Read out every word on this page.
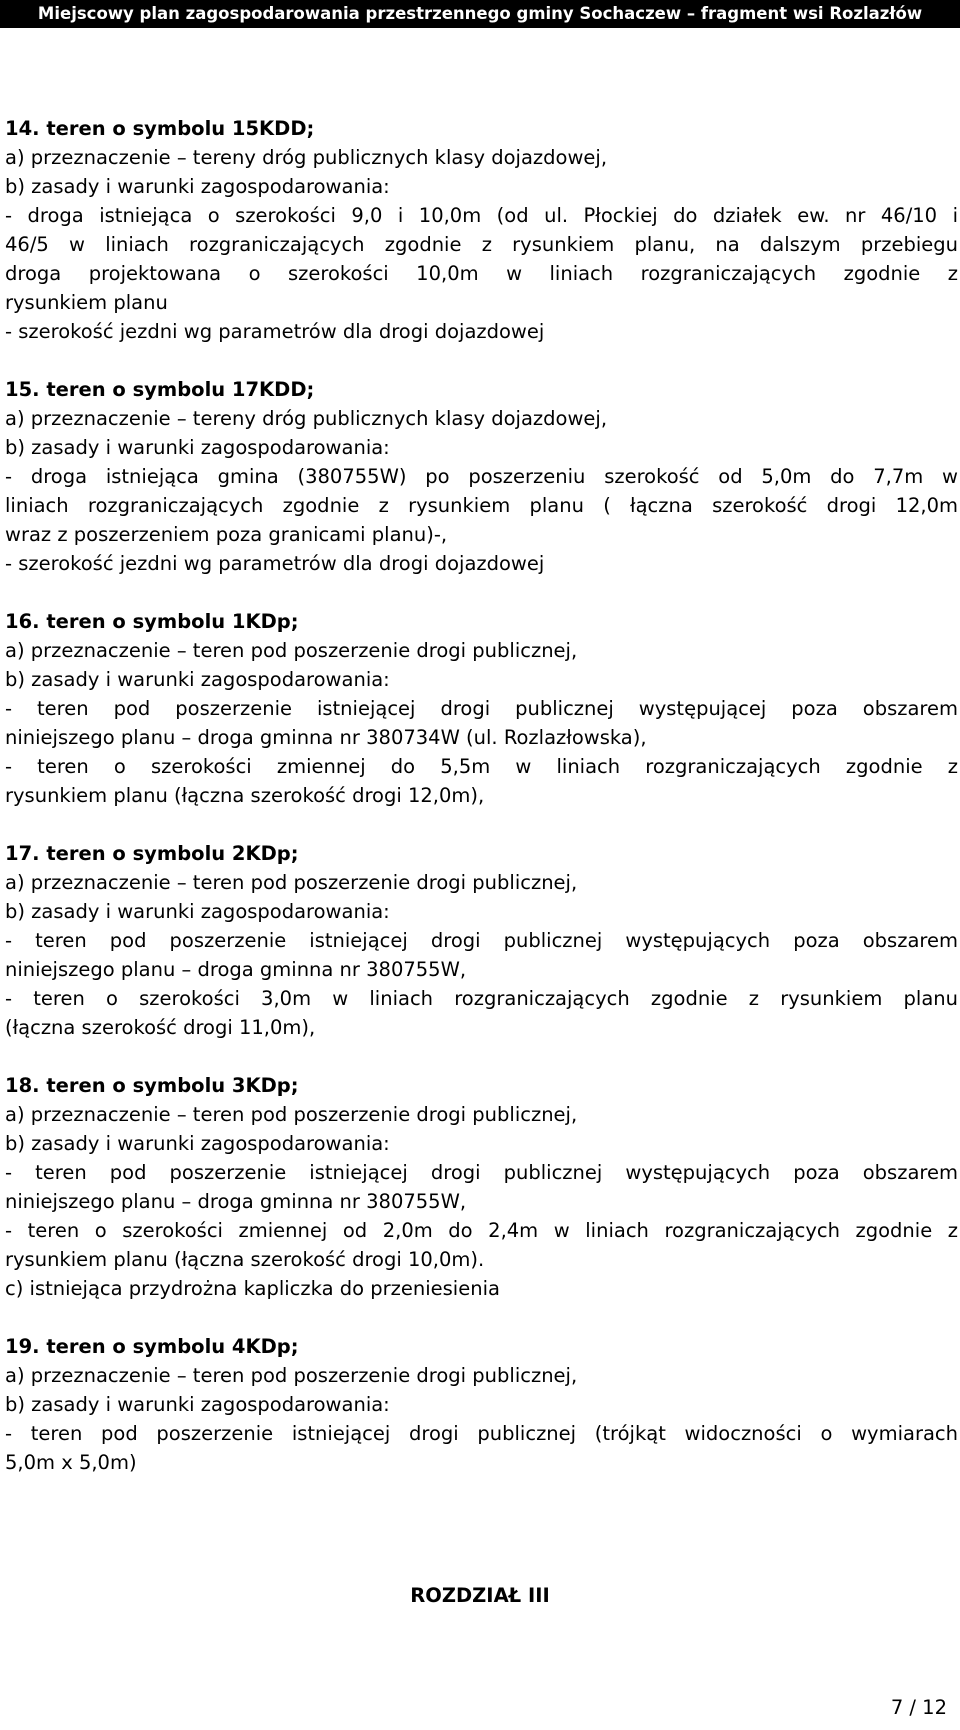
Miejscowy plan zagospodarowania przestrzennego gminy Sochaczew – fragment wsi Rozlazłów
14. teren o symbolu 15KDD;
a) przeznaczenie – tereny dróg publicznych klasy dojazdowej,
b) zasady i warunki zagospodarowania:
- droga istniejąca o szerokości 9,0 i 10,0m (od ul. Płockiej do działek ew. nr 46/10 i
46/5 w liniach rozgraniczających zgodnie z rysunkiem planu, na dalszym przebiegu
droga projektowana o szerokości 10,0m w liniach rozgraniczających zgodnie z
rysunkiem planu
- szerokość jezdni wg parametrów dla drogi dojazdowej
15. teren o symbolu 17KDD;
a) przeznaczenie – tereny dróg publicznych klasy dojazdowej,
b) zasady i warunki zagospodarowania:
- droga istniejąca gmina (380755W) po poszerzeniu szerokość od 5,0m do 7,7m w
liniach rozgraniczających zgodnie z rysunkiem planu ( łączna szerokość drogi 12,0m
wraz z poszerzeniem poza granicami planu)-,
- szerokość jezdni wg parametrów dla drogi dojazdowej
16. teren o symbolu 1KDp;
a) przeznaczenie – teren pod poszerzenie drogi publicznej,
b) zasady i warunki zagospodarowania:
- teren pod poszerzenie istniejącej drogi publicznej występującej poza obszarem
niniejszego planu – droga gminna nr 380734W (ul. Rozlazłowska),
- teren o szerokości zmiennej do 5,5m w liniach rozgraniczających zgodnie z
rysunkiem planu (łączna szerokość drogi 12,0m),
17. teren o symbolu 2KDp;
a) przeznaczenie – teren pod poszerzenie drogi publicznej,
b) zasady i warunki zagospodarowania:
- teren pod poszerzenie istniejącej drogi publicznej występujących poza obszarem
niniejszego planu – droga gminna nr 380755W,
- teren o szerokości 3,0m w liniach rozgraniczających zgodnie z rysunkiem planu
(łączna szerokość drogi 11,0m),
18. teren o symbolu 3KDp;
a) przeznaczenie – teren pod poszerzenie drogi publicznej,
b) zasady i warunki zagospodarowania:
- teren pod poszerzenie istniejącej drogi publicznej występujących poza obszarem
niniejszego planu – droga gminna nr 380755W,
- teren o szerokości zmiennej od 2,0m do 2,4m w liniach rozgraniczających zgodnie z
rysunkiem planu (łączna szerokość drogi 10,0m).
c) istniejąca przydrożna kapliczka do przeniesienia
19. teren o symbolu 4KDp;
a) przeznaczenie – teren pod poszerzenie drogi publicznej,
b) zasady i warunki zagospodarowania:
- teren pod poszerzenie istniejącej drogi publicznej (trójkąt widoczności o wymiarach
5,0m x 5,0m)
ROZDZIAŁ III
7 / 12
